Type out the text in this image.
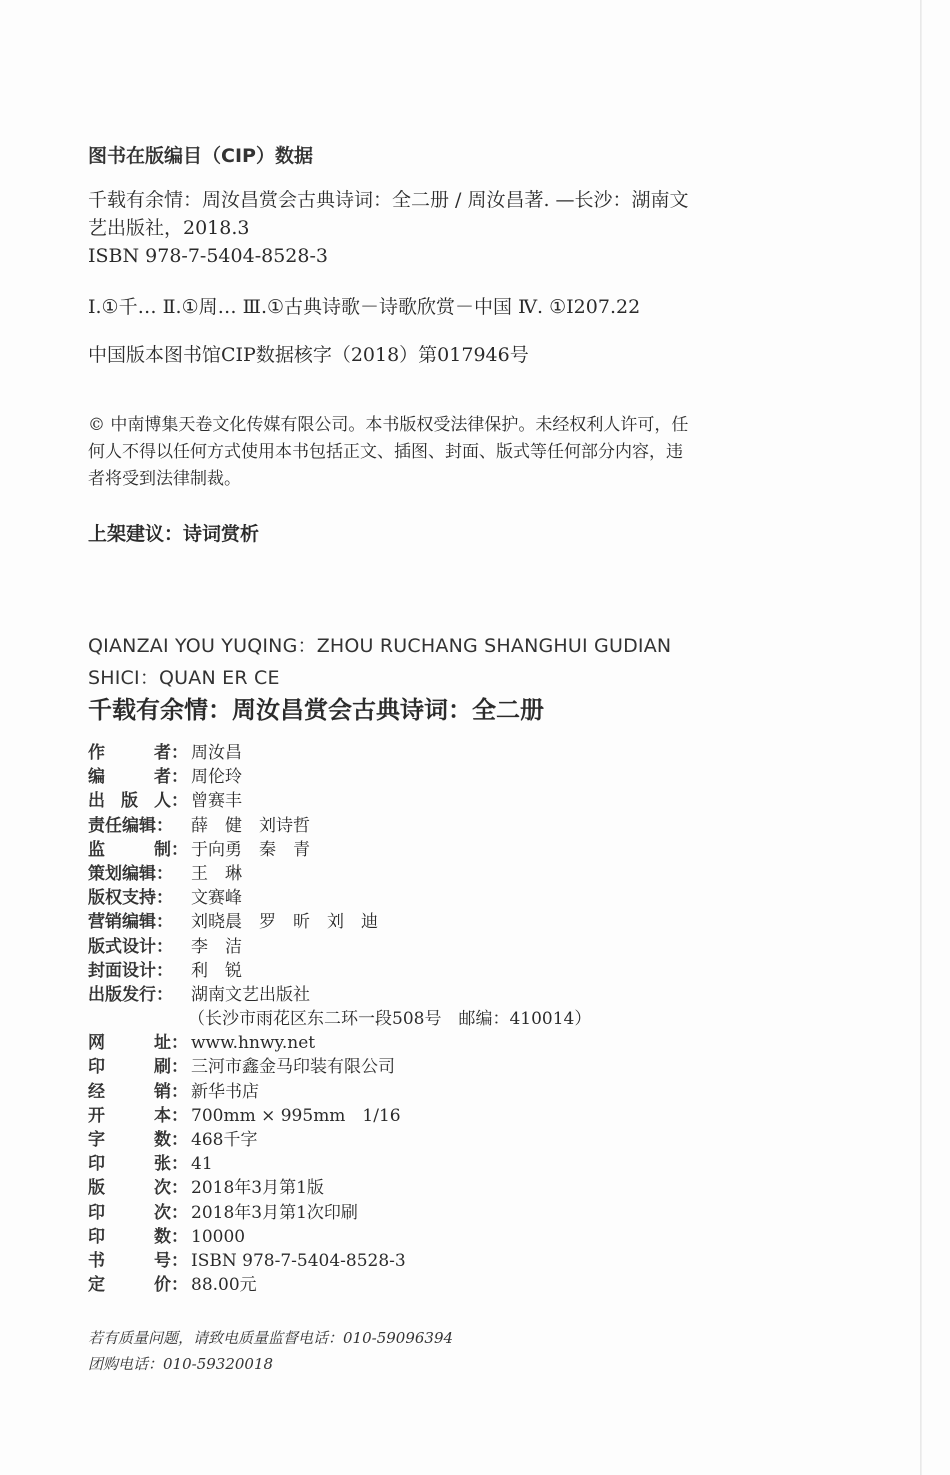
图书在版编目（CIP）数据
千载有余情：周汝昌赏会古典诗词：全二册 / 周汝昌著. —长沙：湖南文
艺出版社，2018.3
ISBN 978-7-5404-8528-3
Ⅰ.①千… Ⅱ.①周… Ⅲ.①古典诗歌－诗歌欣赏－中国 Ⅳ. ①I207.22
中国版本图书馆CIP数据核字（2018）第017946号
© 中南博集天卷文化传媒有限公司。本书版权受法律保护。未经权利人许可，任
何人不得以任何方式使用本书包括正文、插图、封面、版式等任何部分内容，违
者将受到法律制裁。
上架建议：诗词赏析
QIANZAI YOU YUQING：ZHOU RUCHANG SHANGHUI GUDIAN
SHICI：QUAN ER CE
千载有余情：周汝昌赏会古典诗词：全二册
作	者： 周汝昌
编	者： 周伦玲
出 版 人： 曾赛丰
责任编辑： 薛　健　刘诗哲
监	制： 于向勇　秦　青
策划编辑： 王　琳
版权支持： 文赛峰
营销编辑： 刘晓晨　罗　昕　刘　迪
版式设计： 李　洁
封面设计： 利　锐
出版发行： 湖南文艺出版社
（长沙市雨花区东二环一段508号　邮编：410014）
网	址： www.hnwy.net
印	刷： 三河市鑫金马印装有限公司
经	销： 新华书店
开	本： 700mm × 995mm　1/16
字	数： 468千字
印	张： 41
版	次： 2018年3月第1版
印	次： 2018年3月第1次印刷
印	数： 10000
书	号： ISBN 978-7-5404-8528-3
定	价： 88.00元
若有质量问题，请致电质量监督电话：010-59096394
团购电话：010-59320018
